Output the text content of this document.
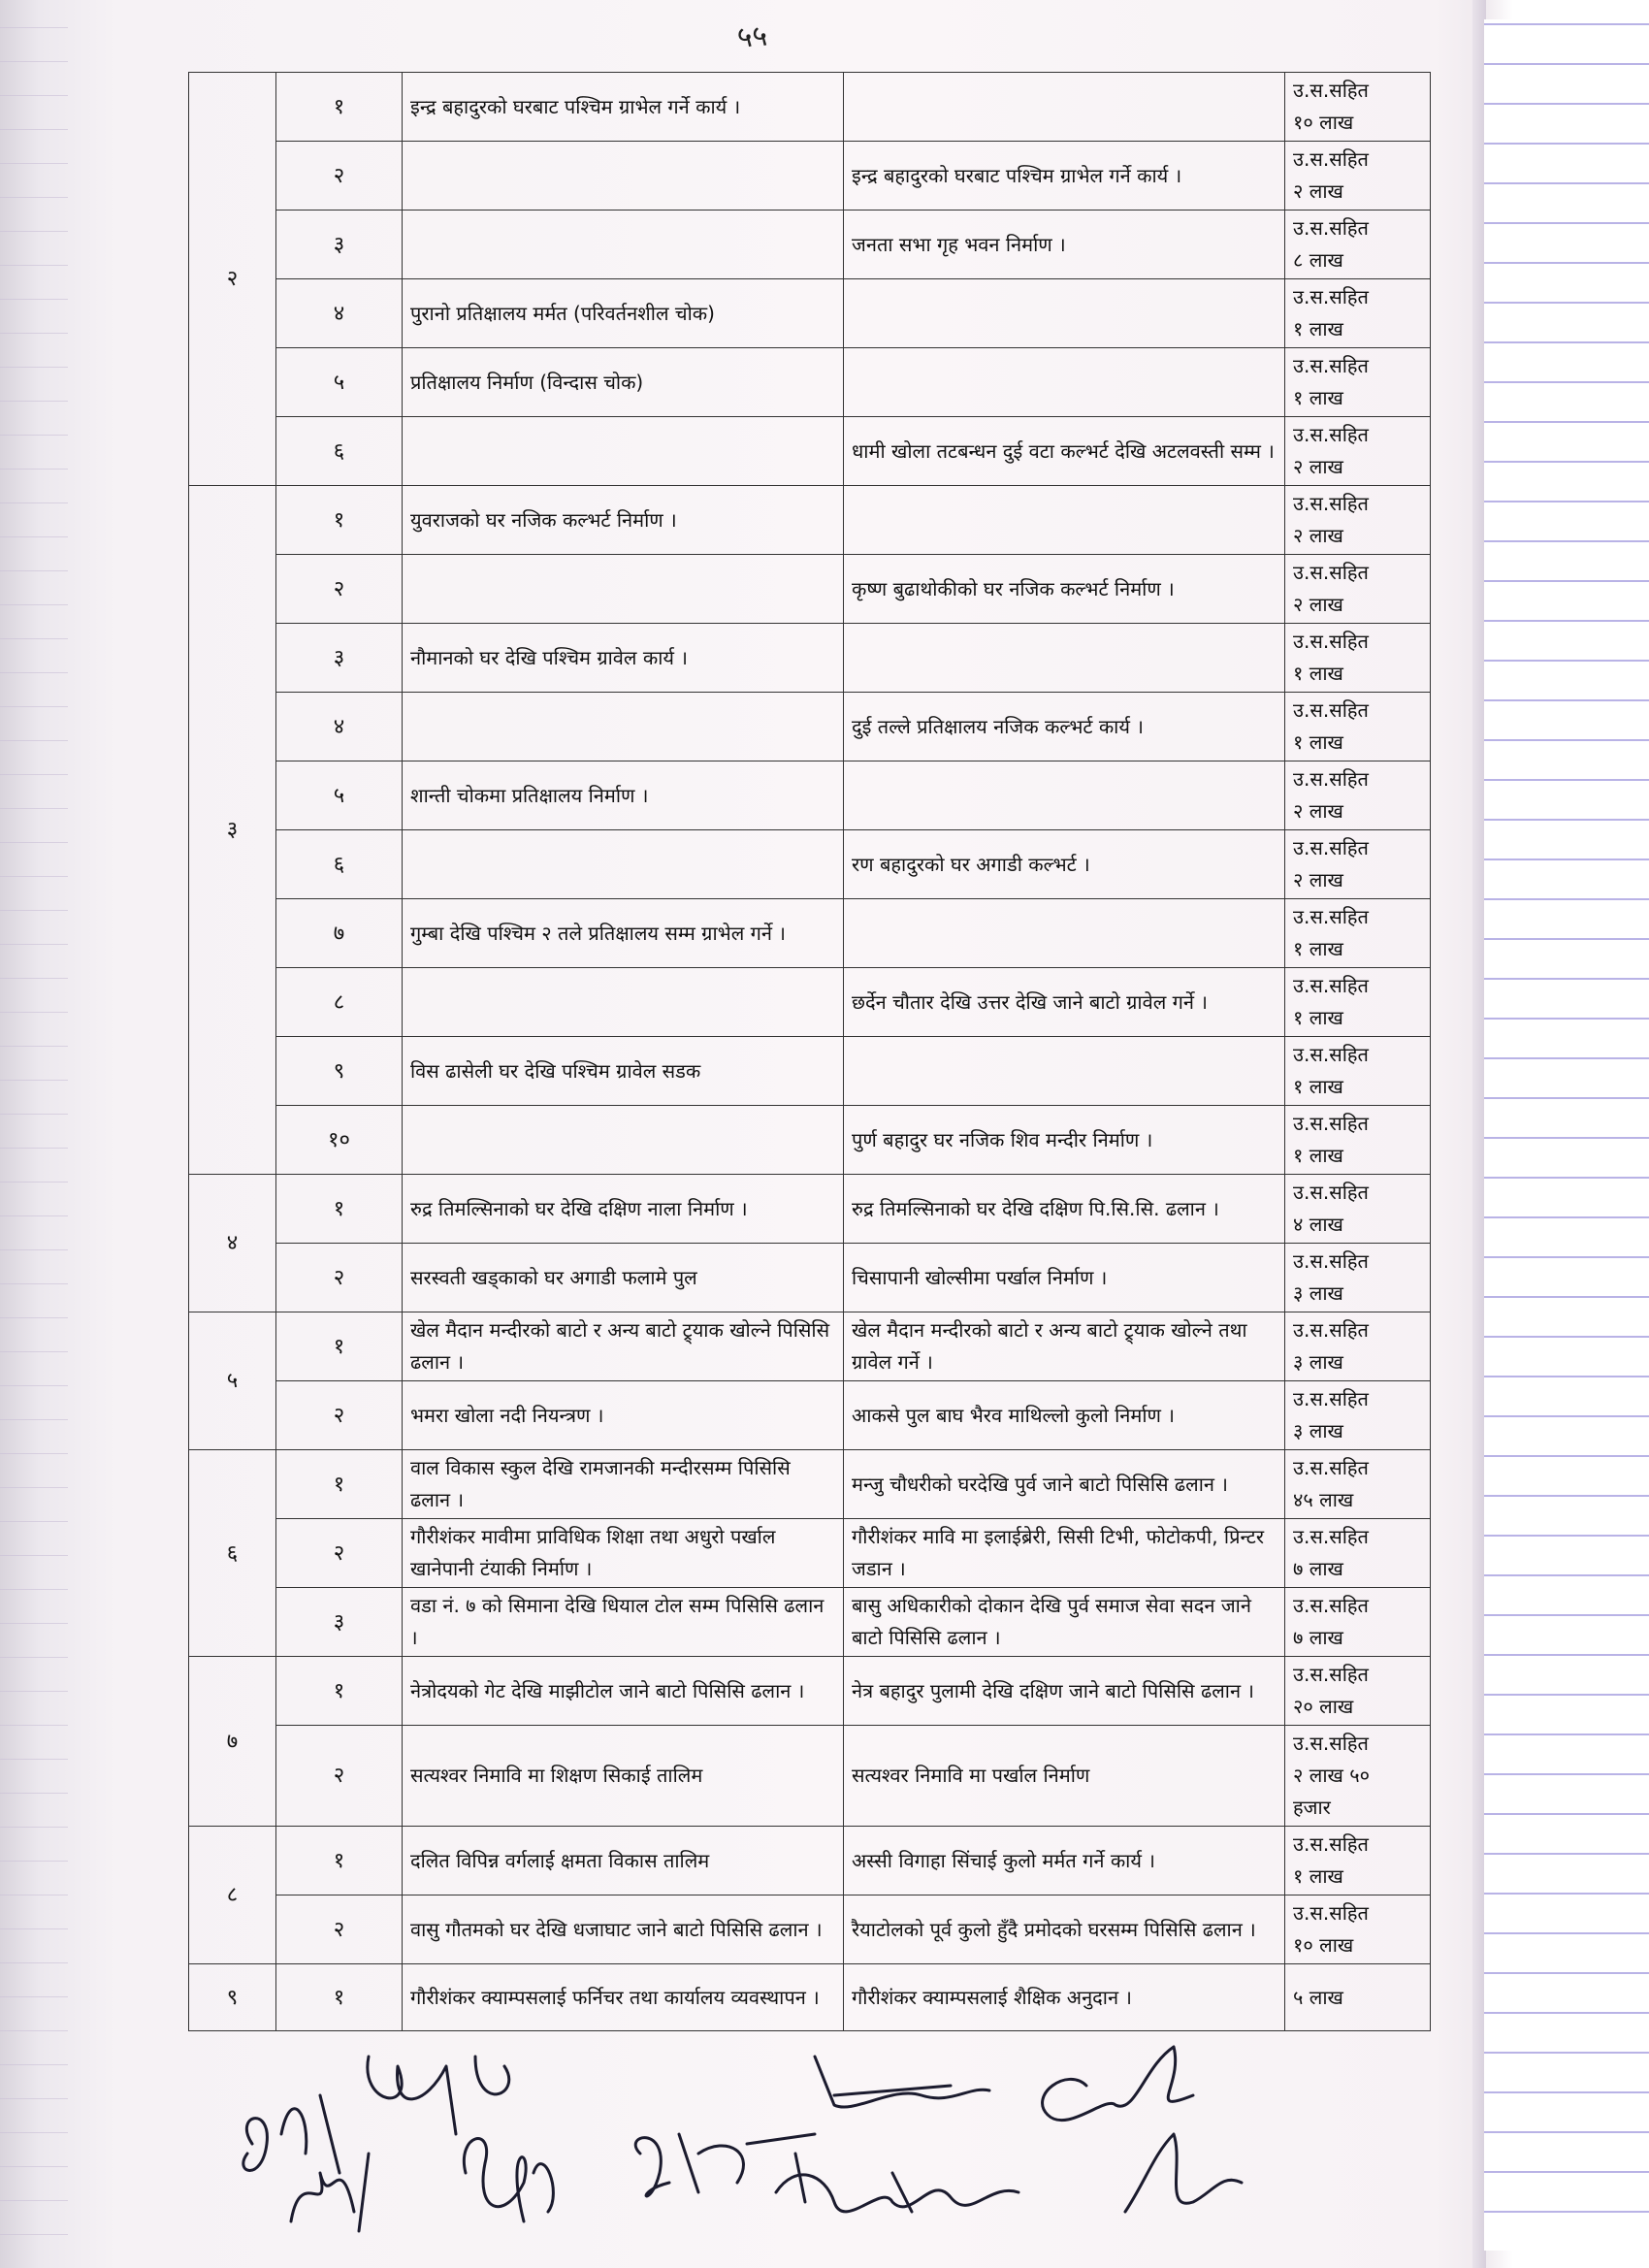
५५
२	१	इन्द्र बहादुरको घरबाट पश्चिम ग्राभेल गर्ने कार्य ।		उ.स.सहित
१० लाख

	२		इन्द्र बहादुरको घरबाट पश्चिम ग्राभेल गर्ने कार्य ।	उ.स.सहित
२ लाख

	३		जनता सभा गृह भवन निर्माण ।	उ.स.सहित
८ लाख

	४	पुरानो प्रतिक्षालय मर्मत (परिवर्तनशील चोक)		उ.स.सहित
१ लाख

	५	प्रतिक्षालय निर्माण (विन्दास चोक)		उ.स.सहित
१ लाख

	६		धामी खोला तटबन्धन दुई वटा कल्भर्ट देखि अटलवस्ती सम्म ।	उ.स.सहित
२ लाख

३	१	युवराजको घर नजिक कल्भर्ट निर्माण ।		उ.स.सहित
२ लाख

	२		कृष्ण बुढाथोकीको घर नजिक कल्भर्ट निर्माण ।	उ.स.सहित
२ लाख

	३	नौमानको घर देखि पश्चिम ग्रावेल कार्य ।		उ.स.सहित
१ लाख

	४		दुई तल्ले प्रतिक्षालय नजिक कल्भर्ट कार्य ।	उ.स.सहित
१ लाख

	५	शान्ती चोकमा प्रतिक्षालय निर्माण ।		उ.स.सहित
२ लाख

	६		रण बहादुरको घर अगाडी कल्भर्ट ।	उ.स.सहित
२ लाख

	७	गुम्बा देखि पश्चिम २ तले प्रतिक्षालय सम्म ग्राभेल गर्ने ।		उ.स.सहित
१ लाख

	८		छर्देन चौतार देखि उत्तर देखि जाने बाटो ग्रावेल गर्ने ।	उ.स.सहित
१ लाख

	९	विस ढासेली घर देखि पश्चिम ग्रावेल सडक		उ.स.सहित
१ लाख

	१०		पुर्ण बहादुर घर नजिक शिव मन्दीर निर्माण ।	उ.स.सहित
१ लाख

४	१	रुद्र तिमल्सिनाको घर देखि दक्षिण नाला निर्माण ।	रुद्र तिमल्सिनाको घर देखि दक्षिण पि.सि.सि. ढलान ।	उ.स.सहित
४ लाख

	२	सरस्वती खड्काको घर अगाडी फलामे पुल	चिसापानी खोल्सीमा पर्खाल निर्माण ।	उ.स.सहित
३ लाख

५	१	खेल मैदान मन्दीरको बाटो र अन्य बाटो ट्र्याक खोल्ने पिसिसि ढलान ।	खेल मैदान मन्दीरको बाटो र अन्य बाटो ट्र्याक खोल्ने तथा ग्रावेल गर्ने ।	उ.स.सहित
३ लाख

	२	भमरा खोला नदी नियन्त्रण ।	आकसे पुल बाघ भैरव माथिल्लो कुलो निर्माण ।	उ.स.सहित
३ लाख

६	१	वाल विकास स्कुल देखि रामजानकी मन्दीरसम्म पिसिसि ढलान ।	मन्जु चौधरीको घरदेखि पुर्व जाने बाटो पिसिसि ढलान ।	उ.स.सहित
४५ लाख

	२	गौरीशंकर मावीमा प्राविधिक शिक्षा तथा अधुरो पर्खाल खानेपानी टंयाकी निर्माण ।	गौरीशंकर मावि मा इलाईब्रेरी, सिसी टिभी, फोटोकपी, प्रिन्टर जडान ।	उ.स.सहित
७ लाख

	३	वडा नं. ७ को सिमाना देखि धियाल टोल सम्म पिसिसि ढलान ।	बासु अधिकारीको दोकान देखि पुर्व समाज सेवा सदन जाने बाटो पिसिसि ढलान ।	उ.स.सहित
७ लाख

७	१	नेत्रोदयको गेट देखि माझीटोल जाने बाटो पिसिसि ढलान ।	नेत्र बहादुर पुलामी देखि दक्षिण जाने बाटो पिसिसि ढलान ।	उ.स.सहित
२० लाख

	२	सत्यश्वर निमावि मा शिक्षण सिकाई तालिम	सत्यश्वर निमावि मा पर्खाल निर्माण	उ.स.सहित
२ लाख ५०
हजार

८	१	दलित विपिन्न वर्गलाई क्षमता विकास तालिम	अस्सी विगाहा सिंचाई कुलो मर्मत गर्ने कार्य ।	उ.स.सहित
१ लाख

	२	वासु गौतमको घर देखि धजाघाट जाने बाटो पिसिसि ढलान ।	रैयाटोलको पूर्व कुलो हुँदै प्रमोदको घरसम्म पिसिसि ढलान ।	उ.स.सहित
१० लाख

९	१	गौरीशंकर क्याम्पसलाई फर्निचर तथा कार्यालय व्यवस्थापन ।	गौरीशंकर क्याम्पसलाई शैक्षिक अनुदान ।	५ लाख
